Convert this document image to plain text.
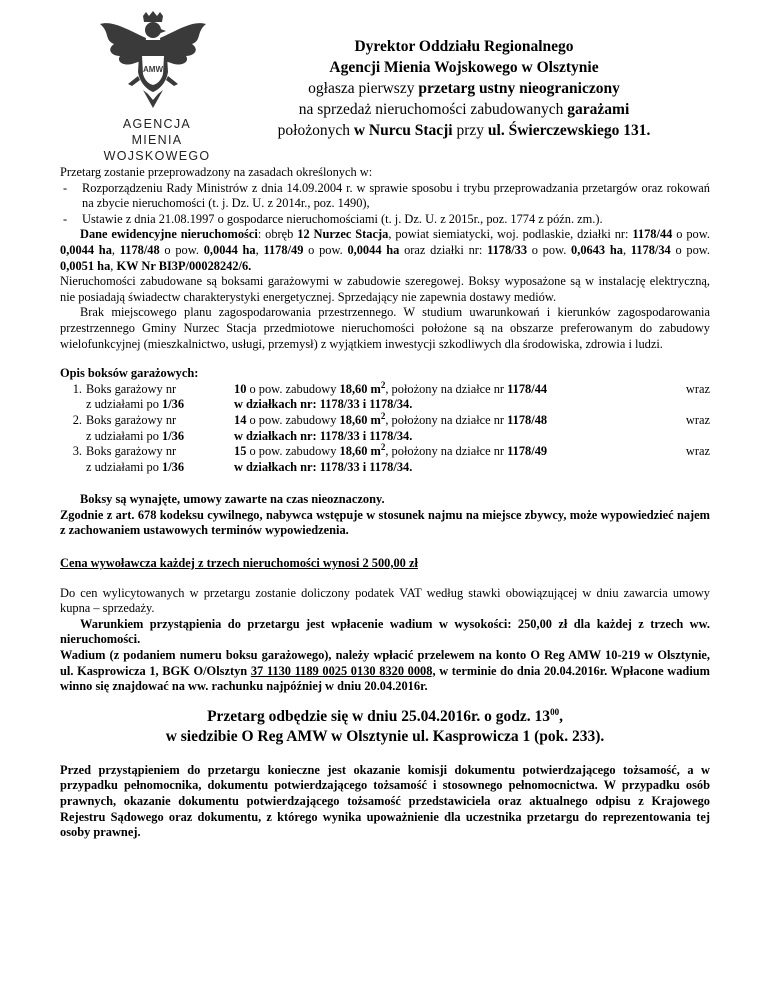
AMW
AGENCJA
MIENIA WOJSKOWEGO
Dyrektor Oddziału Regionalnego
Agencji Mienia Wojskowego w Olsztynie
ogłasza pierwszy przetarg ustny nieograniczony
na sprzedaż nieruchomości zabudowanych garażami
położonych w Nurcu Stacji przy ul. Świerczewskiego 131.

Przetarg zostanie przeprowadzony na zasadach określonych w:

- Rozporządzeniu Rady Ministrów z dnia 14.09.2004 r. w sprawie sposobu i trybu przeprowadzania przetargów oraz rokowań na zbycie nieruchomości (t. j. Dz. U. z 2014r., poz. 1490),
- Ustawie z dnia 21.08.1997 o gospodarce nieruchomościami (t. j. Dz. U. z 2015r., poz. 1774 z późn. zm.).

Dane ewidencyjne nieruchomości: obręb 12 Nurzec Stacja, powiat siemiatycki, woj. podlaskie, działki nr: 1178/44 o pow. 0,0044 ha, 1178/48 o pow. 0,0044 ha, 1178/49 o pow. 0,0044 ha oraz działki nr: 1178/33 o pow. 0,0643 ha, 1178/34 o pow. 0,0051 ha, KW Nr BI3P/00028242/6.

Nieruchomości zabudowane są boksami garażowymi w zabudowie szeregowej. Boksy wyposażone są w instalację elektryczną, nie posiadają świadectw charakterystyki energetycznej. Sprzedający nie zapewnia dostawy mediów.

Brak miejscowego planu zagospodarowania przestrzennego. W studium uwarunkowań i kierunków zagospodarowania przestrzennego Gminy Nurzec Stacja przedmiotowe nieruchomości położone są na obszarze preferowanym do zabudowy wielofunkcyjnej (mieszkalnictwo, usługi, przemysł) z wyjątkiem inwestycji szkodliwych dla środowiska, zdrowia i ludzi.

Opis boksów garażowych:
1. Boks garażowy nr	10 o pow. zabudowy 18,60 $m^2$, położony na działce nr 1178/44	wraz
z udziałami po 1/36	w działkach nr: 1178/33 i 1178/34.
2. Boks garażowy nr	14 o pow. zabudowy 18,60 $m^2$, położony na działce nr 1178/48	wraz
z udziałami po 1/36	w działkach nr: 1178/33 i 1178/34.
3. Boks garażowy nr	15 o pow. zabudowy 18,60 $m^2$, położony na działce nr 1178/49	wraz
z udziałami po 1/36	w działkach nr: 1178/33 i 1178/34.

Boksy są wynajęte, umowy zawarte na czas nieoznaczony.

Zgodnie z art. 678 kodeksu cywilnego, nabywca wstępuje w stosunek najmu na miejsce zbywcy, może wypowiedzieć najem z zachowaniem ustawowych terminów wypowiedzenia.

Cena wywoławcza każdej z trzech nieruchomości wynosi 2 500,00 zł

Do cen wylicytowanych w przetargu zostanie doliczony podatek VAT według stawki obowiązującej w dniu zawarcia umowy kupna – sprzedaży.

Warunkiem przystąpienia do przetargu jest wpłacenie wadium w wysokości: 250,00 zł dla każdej z trzech ww. nieruchomości.

Wadium (z podaniem numeru boksu garażowego), należy wpłacić przelewem na konto O Reg AMW 10-219 w Olsztynie, ul. Kasprowicza 1, BGK O/Olsztyn 37 1130 1189 0025 0130 8320 0008, w terminie do dnia 20.04.2016r. Wpłacone wadium winno się znajdować na ww. rachunku najpóźniej w dniu 20.04.2016r.

Przetarg odbędzie się w dniu 25.04.2016r. o godz. $13^{00}$,
w siedzibie O Reg AMW w Olsztynie ul. Kasprowicza 1 (pok. 233).

Przed przystąpieniem do przetargu konieczne jest okazanie komisji dokumentu potwierdzającego tożsamość, a w przypadku pełnomocnika, dokumentu potwierdzającego tożsamość i stosownego pełnomocnictwa. W przypadku osób prawnych, okazanie dokumentu potwierdzającego tożsamość przedstawiciela oraz aktualnego odpisu z Krajowego Rejestru Sądowego oraz dokumentu, z którego wynika upoważnienie dla uczestnika przetargu do reprezentowania tej osoby prawnej.
